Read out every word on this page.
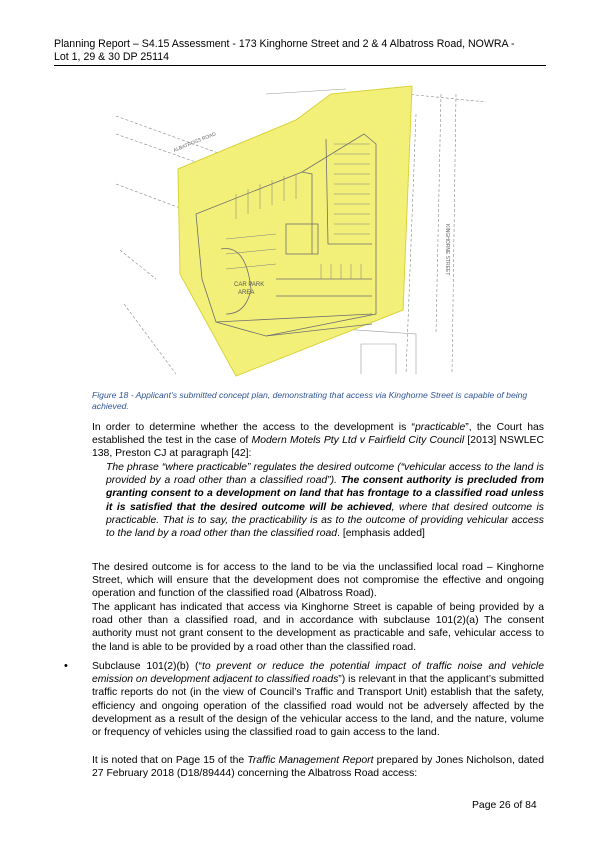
Planning Report – S4.15 Assessment - 173 Kinghorne Street and 2 & 4 Albatross Road, NOWRA -
Lot 1, 29 & 30 DP 25114
ALBATROSS ROAD
KINGHORNE STREET
CAR PARK
AREA
Figure 18 - Applicant’s submitted concept plan, demonstrating that access via Kinghorne Street is capable of being achieved.
In order to determine whether the access to the development is “practicable”, the Court has established the test in the case of Modern Motels Pty Ltd v Fairfield City Council [2013] NSWLEC 138, Preston CJ at paragraph [42]:
The phrase “where practicable” regulates the desired outcome (“vehicular access to the land is provided by a road other than a classified road”). The consent authority is precluded from granting consent to a development on land that has frontage to a classified road unless it is satisfied that the desired outcome will be achieved, where that desired outcome is practicable. That is to say, the practicability is as to the outcome of providing vehicular access to the land by a road other than the classified road. [emphasis added]
The desired outcome is for access to the land to be via the unclassified local road – Kinghorne Street, which will ensure that the development does not compromise the effective and ongoing operation and function of the classified road (Albatross Road).
The applicant has indicated that access via Kinghorne Street is capable of being provided by a road other than a classified road, and in accordance with subclause 101(2)(a) The consent authority must not grant consent to the development as practicable and safe, vehicular access to the land is able to be provided by a road other than the classified road.
• Subclause 101(2)(b) (“to prevent or reduce the potential impact of traffic noise and vehicle emission on development adjacent to classified roads”) is relevant in that the applicant’s submitted traffic reports do not (in the view of Council’s Traffic and Transport Unit) establish that the safety, efficiency and ongoing operation of the classified road would not be adversely affected by the development as a result of the design of the vehicular access to the land, and the nature, volume or frequency of vehicles using the classified road to gain access to the land.
It is noted that on Page 15 of the Traffic Management Report prepared by Jones Nicholson, dated 27 February 2018 (D18/89444) concerning the Albatross Road access:
Page 26 of 84
